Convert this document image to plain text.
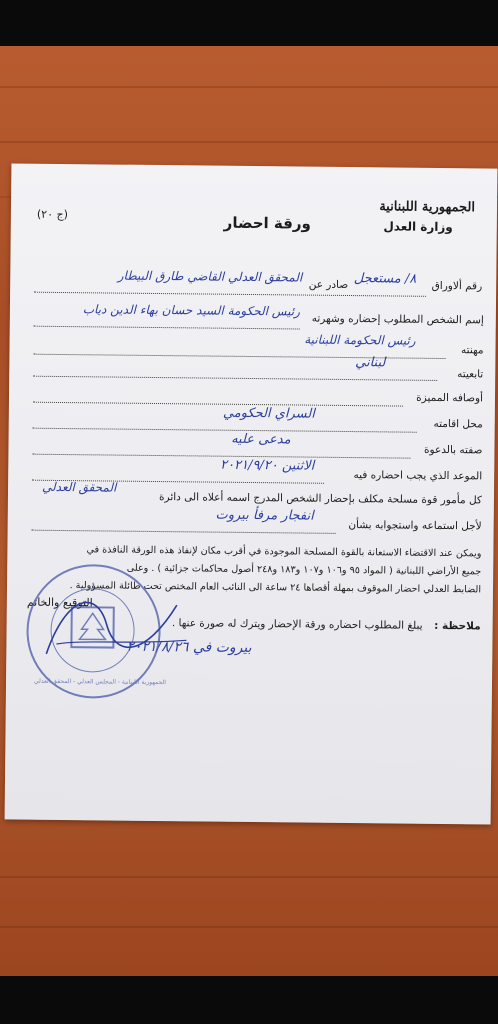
الجمهورية اللبنانية
وزارة العدل
ورقة احضار
(ج ٢٠)
رقم ألاوراق
٨/ مستعجل
صادر عن
المحقق العدلي القاضي طارق البيطار
إسم الشخص المطلوب إحضاره وشهرته
رئيس الحكومة السيد حسان بهاء الدين دياب
مهنته
رئيس الحكومة اللبنانية
تابعيته
لبناني
أوصافه المميزة
محل اقامته
السراي الحكومي
صفته بالدعوة
مدعى عليه
الموعد الذي يجب احضاره فيه
الاثنين ٢٠٢١/٩/٢٠
كل مأمور قوة مسلحة مكلف بإحضار الشخص المدرج اسمه أعلاه الى دائرة
المحقق العدلي
لأجل استماعه واستجوابه بشأن
انفجار مرفأ بيروت
ويمكن عند الاقتضاء الاستعانة بالقوة المسلحة الموجودة في أقرب مكان لإنفاذ هذه الورقة النافذة في
جميع الأراضي اللبنانية ( المواد ٩٥ و١٠٦ و١٠٧ و١٨٣ و٢٤٨ أصول محاكمات جزائية ) . وعلى
الضابط العدلي احضار الموقوف بمهلة أقصاها ٢٤ ساعة الى النائب العام المختص تحت طائلة المسؤولية .
ملاحظة :
يبلغ المطلوب احضاره ورقة الإحضار ويترك له صورة عنها .
التوقيع والخاتم
بيروت في ٢٠٢١/٨/٢٦
الجمهورية اللبنانية - المجلس العدلي - المحقق العدلي
